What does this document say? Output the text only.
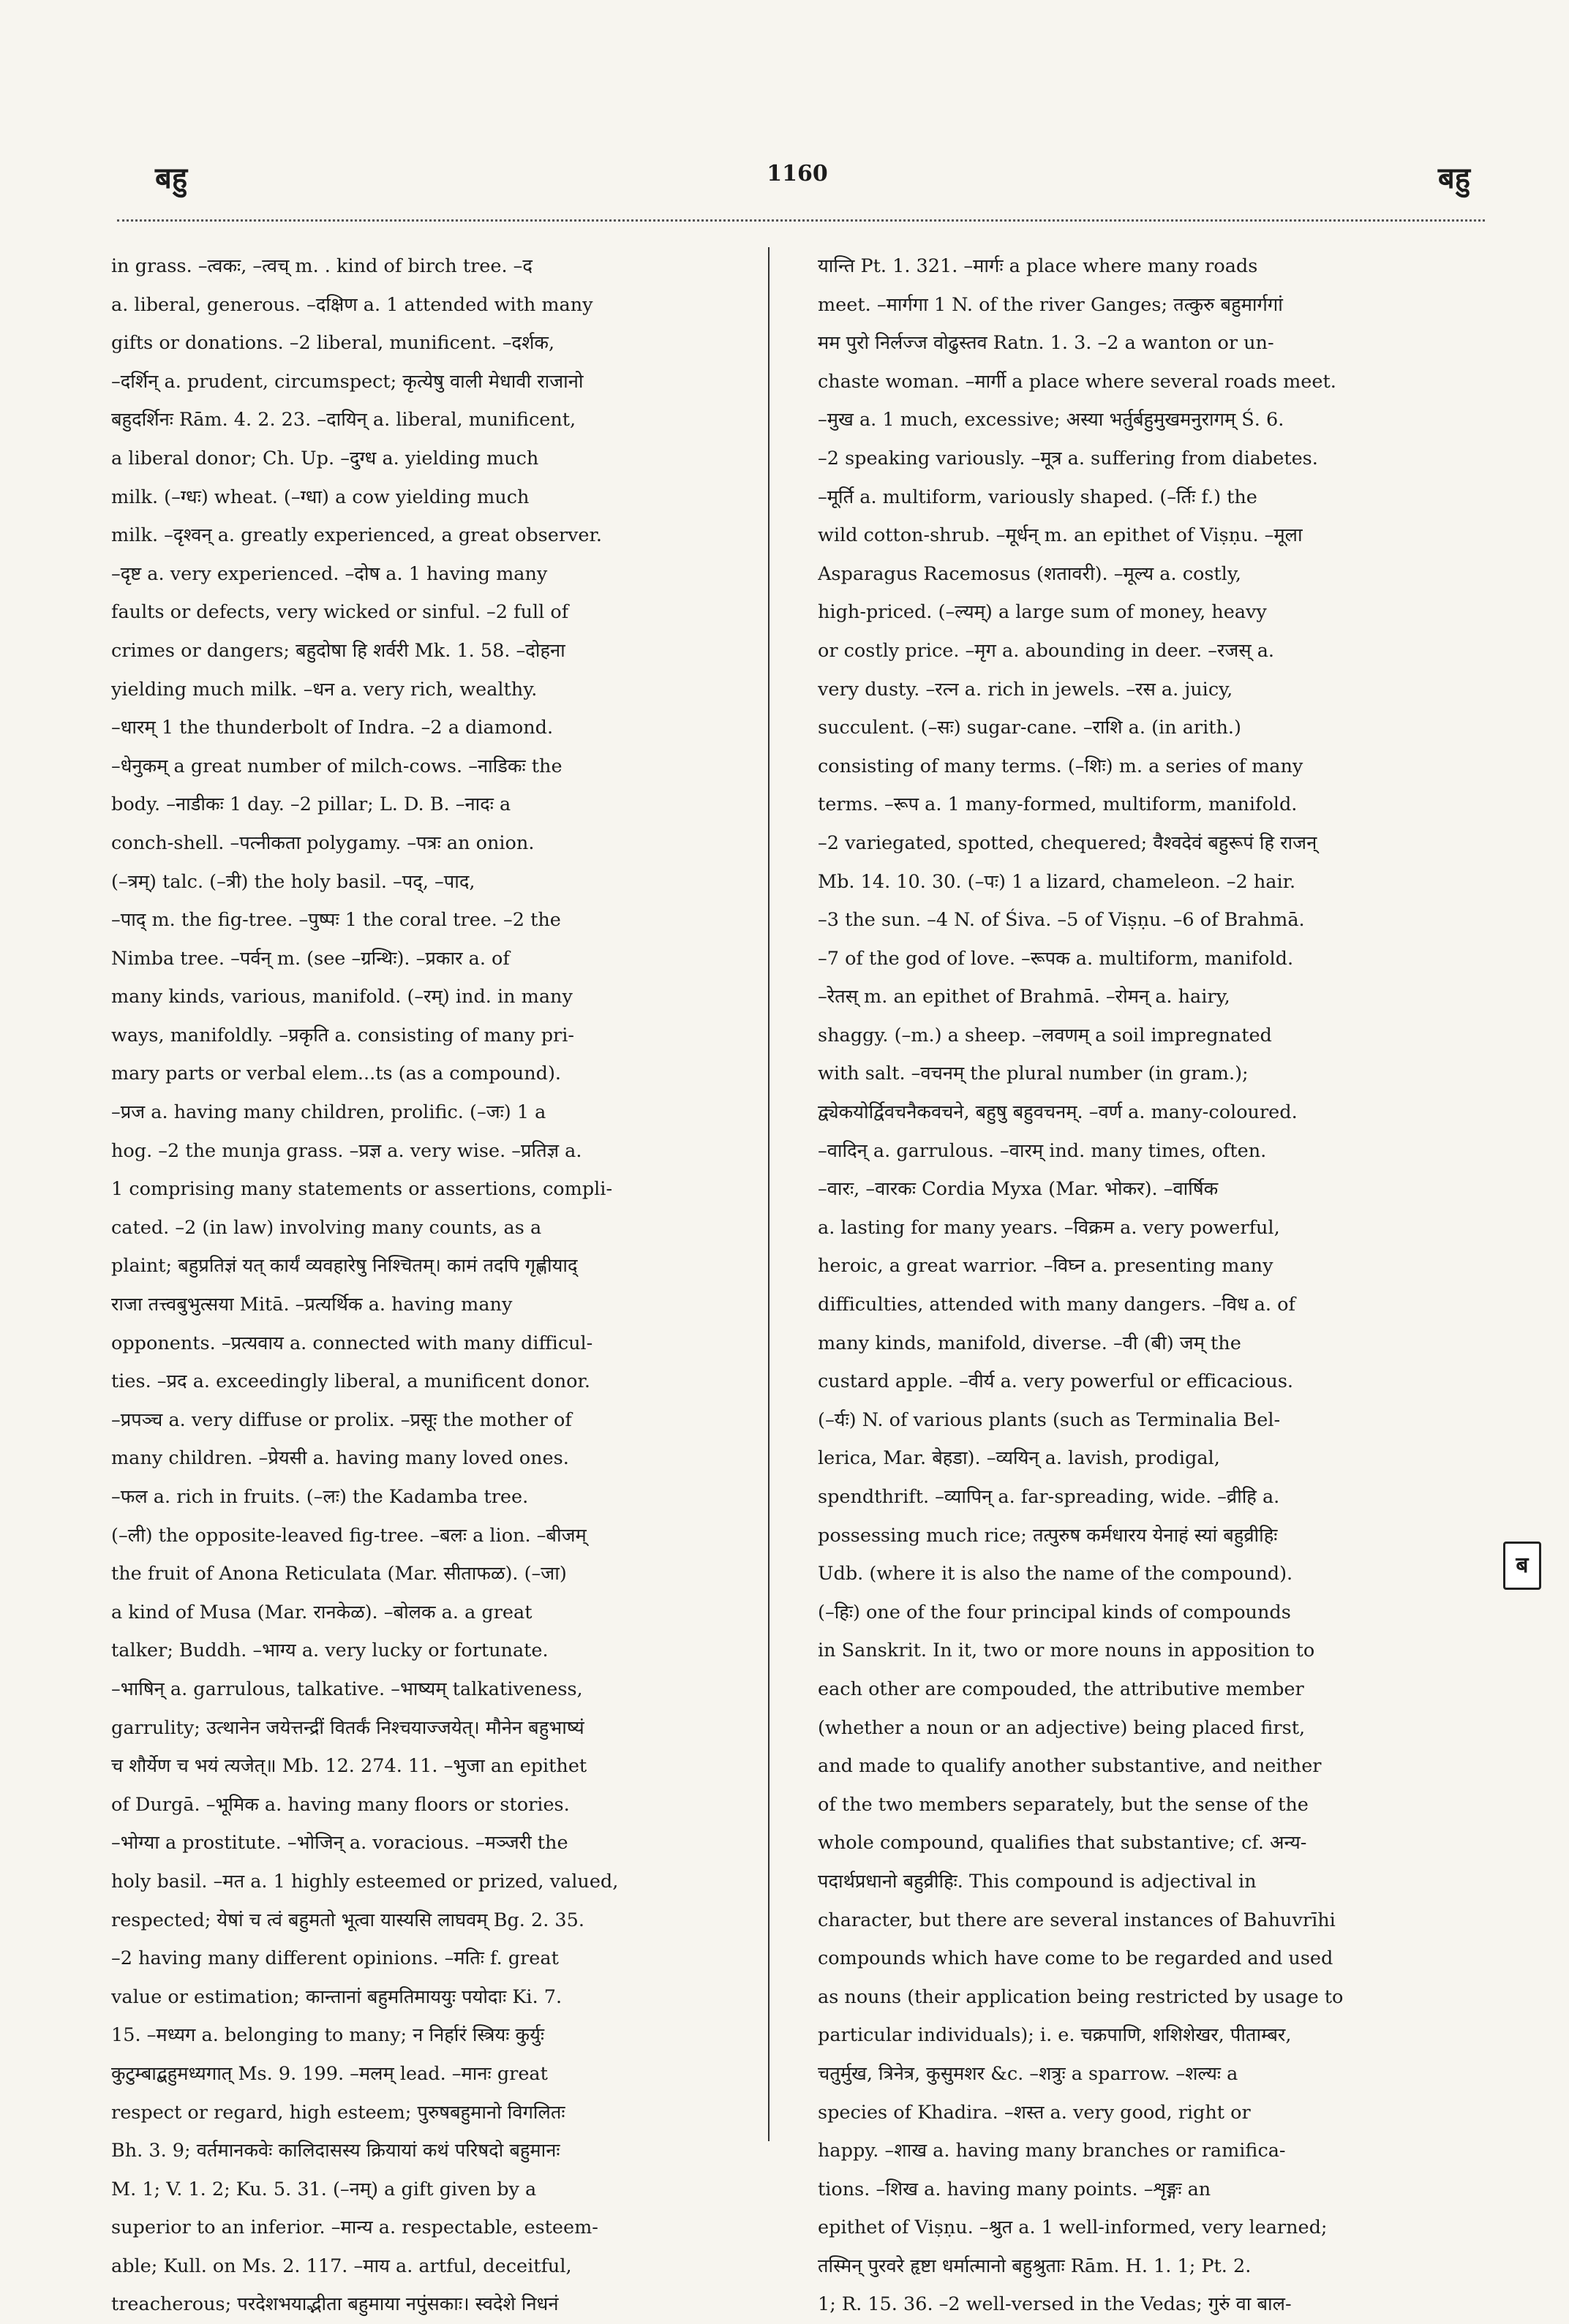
बहु	1160	बहु
in grass. –त्वकः, –त्वच् m. . kind of birch tree. –द
a. liberal, generous. –दक्षिण a. 1 attended with many
gifts or donations. –2 liberal, munificent. –दर्शक,
–दर्शिन् a. prudent, circumspect; कृत्येषु वाली मेधावी राजानो
बहुदर्शिनः Rām. 4. 2. 23. –दायिन् a. liberal, munificent,
a liberal donor; Ch. Up. –दुग्ध a. yielding much
milk. (–ग्धः) wheat. (–ग्धा) a cow yielding much
milk. –दृश्वन् a. greatly experienced, a great observer.
–दृष्ट a. very experienced. –दोष a. 1 having many
faults or defects, very wicked or sinful. –2 full of
crimes or dangers; बहुदोषा हि शर्वरी Mk. 1. 58. –दोहना
yielding much milk. –धन a. very rich, wealthy.
–धारम् 1 the thunderbolt of Indra. –2 a diamond.
–धेनुकम् a great number of milch-cows. –नाडिकः the
body. –नाडीकः 1 day. –2 pillar; L. D. B. –नादः a
conch-shell. –पत्नीकता polygamy. –पत्रः an onion.
(–त्रम्) talc. (–त्री) the holy basil. –पद्, –पाद,
–पाद् m. the fig-tree. –पुष्पः 1 the coral tree. –2 the
Nimba tree. –पर्वन् m. (see –ग्रन्थिः). –प्रकार a. of
many kinds, various, manifold. (–रम्) ind. in many
ways, manifoldly. –प्रकृति a. consisting of many pri-
mary parts or verbal elem...ts (as a compound).
–प्रज a. having many children, prolific. (–जः) 1 a
hog. –2 the munja grass. –प्रज्ञ a. very wise. –प्रतिज्ञ a.
1 comprising many statements or assertions, compli-
cated. –2 (in law) involving many counts, as a
plaint; बहुप्रतिज्ञं यत् कार्यं व्यवहारेषु निश्चितम्। कामं तदपि गृह्णीयाद्
राजा तत्त्वबुभुत्सया Mitā. –प्रत्यर्थिक a. having many
opponents. –प्रत्यवाय a. connected with many difficul-
ties. –प्रद a. exceedingly liberal, a munificent donor.
–प्रपञ्च a. very diffuse or prolix. –प्रसूः the mother of
many children. –प्रेयसी a. having many loved ones.
–फल a. rich in fruits. (–लः) the Kadamba tree.
(–ली) the opposite-leaved fig-tree. –बलः a lion. –बीजम्
the fruit of Anona Reticulata (Mar. सीताफळ). (–जा)
a kind of Musa (Mar. रानकेळ). –बोलक a. a great
talker; Buddh. –भाग्य a. very lucky or fortunate.
–भाषिन् a. garrulous, talkative. –भाष्यम् talkativeness,
garrulity; उत्थानेन जयेत्तन्द्रीं वितर्कं निश्चयाज्जयेत्। मौनेन बहुभाष्यं
च शौर्येण च भयं त्यजेत्॥ Mb. 12. 274. 11. –भुजा an epithet
of Durgā. –भूमिक a. having many floors or stories.
–भोग्या a prostitute. –भोजिन् a. voracious. –मञ्जरी the
holy basil. –मत a. 1 highly esteemed or prized, valued,
respected; येषां च त्वं बहुमतो भूत्वा यास्यसि लाघवम् Bg. 2. 35.
–2 having many different opinions. –मतिः f. great
value or estimation; कान्तानां बहुमतिमाययुः पयोदाः Ki. 7.
15. –मध्यग a. belonging to many; न निर्हारं स्त्रियः कुर्युः
कुटुम्बाद्बहुमध्यगात् Ms. 9. 199. –मलम् lead. –मानः great
respect or regard, high esteem; पुरुषबहुमानो विगलितः
Bh. 3. 9; वर्तमानकवेः कालिदासस्य क्रियायां कथं परिषदो बहुमानः
M. 1; V. 1. 2; Ku. 5. 31. (–नम्) a gift given by a
superior to an inferior. –मान्य a. respectable, esteem-
able; Kull. on Ms. 2. 117. –माय a. artful, deceitful,
treacherous; परदेशभयाद्भीता बहुमाया नपुंसकाः। स्वदेशे निधनं
यान्ति Pt. 1. 321. –मार्गः a place where many roads
meet. –मार्गगा 1 N. of the river Ganges; तत्कुरु बहुमार्गगां
मम पुरो निर्लज्ज वोढुस्तव Ratn. 1. 3. –2 a wanton or un-
chaste woman. –मार्गी a place where several roads meet.
–मुख a. 1 much, excessive; अस्या भर्तुर्बहुमुखमनुरागम् Ś. 6.
–2 speaking variously. –मूत्र a. suffering from diabetes.
–मूर्ति a. multiform, variously shaped. (–र्तिः f.) the
wild cotton-shrub. –मूर्धन् m. an epithet of Viṣṇu. –मूला
Asparagus Racemosus (शतावरी). –मूल्य a. costly,
high-priced. (–ल्यम्) a large sum of money, heavy
or costly price. –मृग a. abounding in deer. –रजस् a.
very dusty. –रत्न a. rich in jewels. –रस a. juicy,
succulent. (–सः) sugar-cane. –राशि a. (in arith.)
consisting of many terms. (–शिः) m. a series of many
terms. –रूप a. 1 many-formed, multiform, manifold.
–2 variegated, spotted, chequered; वैश्वदेवं बहुरूपं हि राजन्
Mb. 14. 10. 30. (–पः) 1 a lizard, chameleon. –2 hair.
–3 the sun. –4 N. of Śiva. –5 of Viṣṇu. –6 of Brahmā.
–7 of the god of love. –रूपक a. multiform, manifold.
–रेतस् m. an epithet of Brahmā. –रोमन् a. hairy,
shaggy. (–m.) a sheep. –लवणम् a soil impregnated
with salt. –वचनम् the plural number (in gram.);
द्व्येकयोर्द्विवचनैकवचने, बहुषु बहुवचनम्. –वर्ण a. many-coloured.
–वादिन् a. garrulous. –वारम् ind. many times, often.
–वारः, –वारकः Cordia Myxa (Mar. भोकर). –वार्षिक
a. lasting for many years. –विक्रम a. very powerful,
heroic, a great warrior. –विघ्न a. presenting many
difficulties, attended with many dangers. –विध a. of
many kinds, manifold, diverse. –वी (बी) जम् the
custard apple. –वीर्य a. very powerful or efficacious.
(–र्यः) N. of various plants (such as Terminalia Bel-
lerica, Mar. बेहडा). –व्ययिन् a. lavish, prodigal,
spendthrift. –व्यापिन् a. far-spreading, wide. –व्रीहि a.
possessing much rice; तत्पुरुष कर्मधारय येनाहं स्यां बहुव्रीहिः
Udb. (where it is also the name of the compound).
(–हिः) one of the four principal kinds of compounds
in Sanskrit. In it, two or more nouns in apposition to
each other are compouded, the attributive member
(whether a noun or an adjective) being placed first,
and made to qualify another substantive, and neither
of the two members separately, but the sense of the
whole compound, qualifies that substantive; cf. अन्य-
पदार्थप्रधानो बहुव्रीहिः. This compound is adjectival in
character, but there are several instances of Bahuvrīhi
compounds which have come to be regarded and used
as nouns (their application being restricted by usage to
particular individuals); i. e. चक्रपाणि, शशिशेखर, पीताम्बर,
चतुर्मुख, त्रिनेत्र, कुसुमशर &c. –शत्रुः a sparrow. –शल्यः a
species of Khadira. –शस्त a. very good, right or
happy. –शाख a. having many branches or ramifica-
tions. –शिख a. having many points. –शृङ्गः an
epithet of Viṣṇu. –श्रुत a. 1 well-informed, very learned;
तस्मिन् पुरवरे हृष्टा धर्मात्मानो बहुश्रुताः Rām. H. 1. 1; Pt. 2.
1; R. 15. 36. –2 well-versed in the Vedas; गुरुं वा बाल-
ब
